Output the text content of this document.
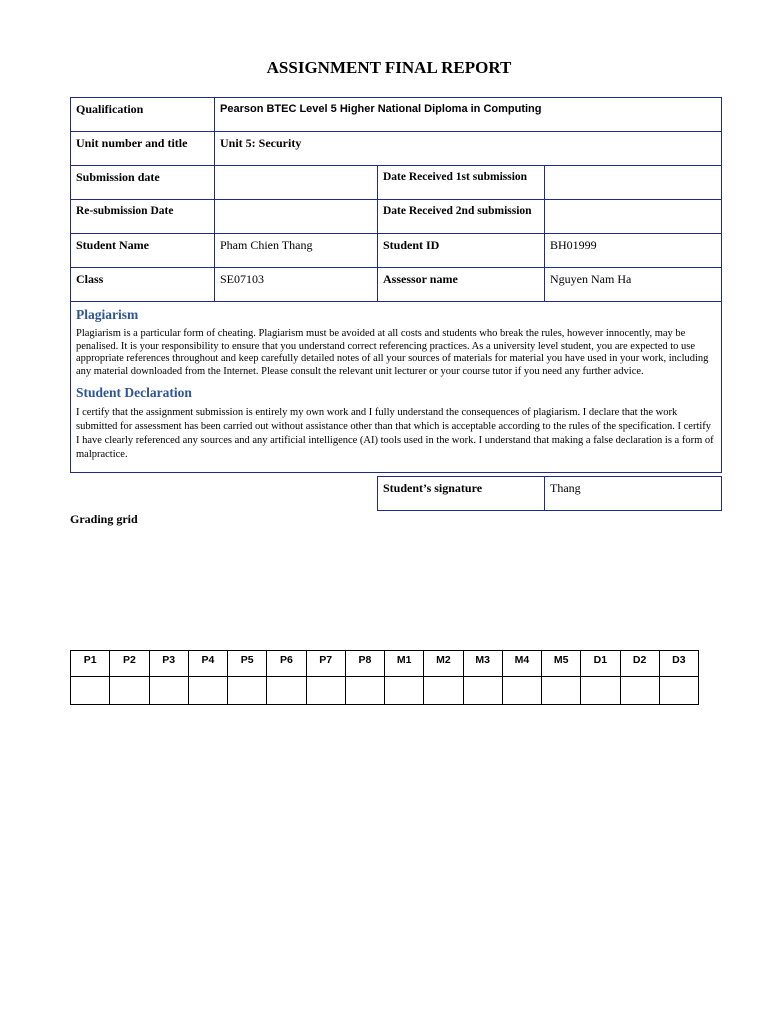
ASSIGNMENT FINAL REPORT
Qualification	Pearson BTEC Level 5 Higher National Diploma in Computing		
Unit number and title	Unit 5: Security		
Submission date		Date Received 1st submission	
Re-submission Date		Date Received 2nd submission	
Student Name	Pham Chien Thang	Student ID	BH01999
Class	SE07103	Assessor name	Nguyen Nam Ha

Plagiarism

Plagiarism is a particular form of cheating. Plagiarism must be avoided at all costs and students who break the rules, however innocently, may be penalised. It is your responsibility to ensure that you understand correct referencing practices. As a university level student, you are expected to use appropriate references throughout and keep carefully detailed notes of all your sources of materials for material you have used in your work, including any material downloaded from the Internet. Please consult the relevant unit lecturer or your course tutor if you need any further advice.

Student Declaration

I certify that the assignment submission is entirely my own work and I fully understand the consequences of plagiarism. I declare that the work submitted for assessment has been carried out without assistance other than that which is acceptable according to the rules of the specification. I certify I have clearly referenced any sources and any artificial intelligence (AI) tools used in the work. I understand that making a false declaration is a form of malpractice.			

Student’s signature	Thang
Grading grid
P1	P2	P3	P4	P5	P6	P7	P8	M1	M2	M3	M4	M5	D1	D2	D3
